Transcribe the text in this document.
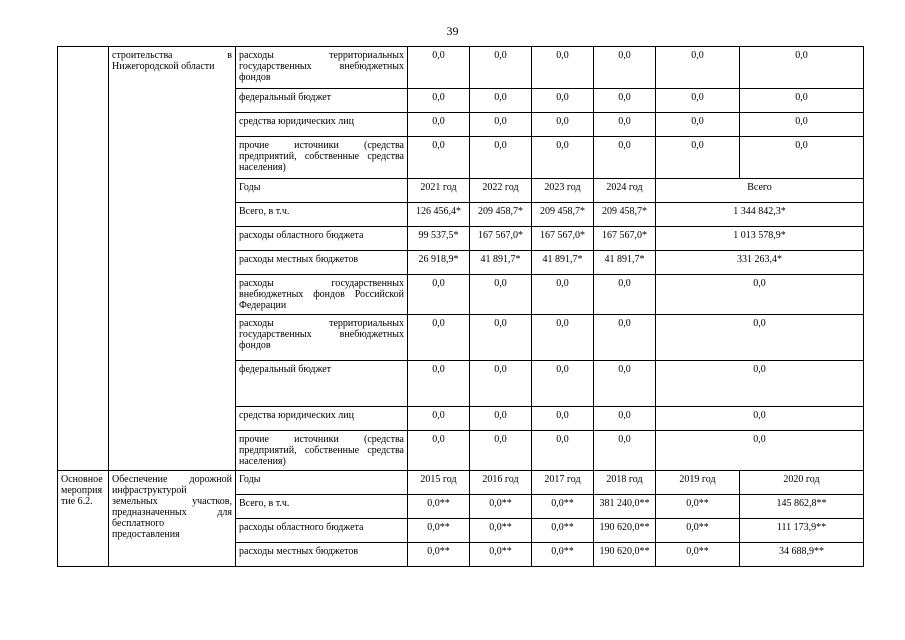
39
	строительства в Нижегородской области	расходы территориальных государственных внебюджетных фондов	0,0	0,0	0,0	0,0	0,0	0,0
		федеральный бюджет	0,0	0,0	0,0	0,0	0,0	0,0
		средства юридических лиц	0,0	0,0	0,0	0,0	0,0	0,0
		прочие источники (средства предприятий, собственные средства населения)	0,0	0,0	0,0	0,0	0,0	0,0
		Годы	2021 год	2022 год	2023 год	2024 год	Всего	
		Всего, в т.ч.	126 456,4*	209 458,7*	209 458,7*	209 458,7*	1 344 842,3*	
		расходы областного бюджета	99 537,5*	167 567,0*	167 567,0*	167 567,0*	1 013 578,9*	
		расходы местных бюджетов	26 918,9*	41 891,7*	41 891,7*	41 891,7*	331 263,4*	
		расходы государственных внебюджетных фондов Российской Федерации	0,0	0,0	0,0	0,0	0,0	
		расходы территориальных государственных внебюджетных фондов	0,0	0,0	0,0	0,0	0,0	
		федеральный бюджет	0,0	0,0	0,0	0,0	0,0	
		средства юридических лиц	0,0	0,0	0,0	0,0	0,0	
		прочие источники (средства предприятий, собственные средства населения)	0,0	0,0	0,0	0,0	0,0	
Основное мероприятие 6.2.	Обеспечение дорожной инфраструктурой земельных участков, предназначенных для бесплатного предоставления	Годы	2015 год	2016 год	2017 год	2018 год	2019 год	2020 год
		Всего, в т.ч.	0,0**	0,0**	0,0**	381 240,0**	0,0**	145 862,8**
		расходы областного бюджета	0,0**	0,0**	0,0**	190 620,0**	0,0**	111 173,9**
		расходы местных бюджетов	0,0**	0,0**	0,0**	190 620,0**	0,0**	34 688,9**
